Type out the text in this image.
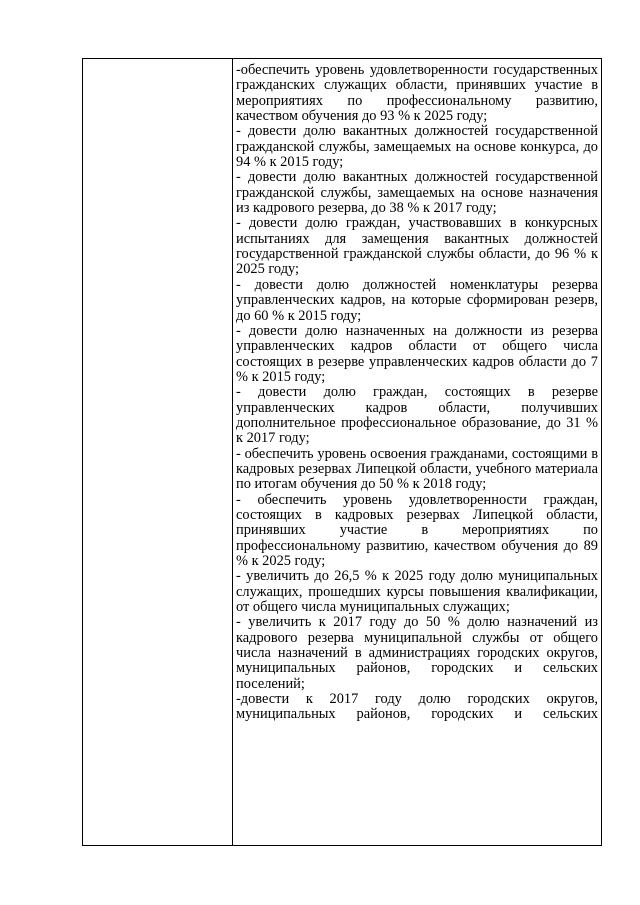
-обеспечить уровень удовлетворенности государственных гражданских служащих области, принявших участие в мероприятиях по профессиональному развитию, качеством обучения до 93 % к 2025 году;

- довести долю вакантных должностей государственной гражданской службы, замещаемых на основе конкурса, до 94 % к 2015 году;

- довести долю вакантных должностей государственной гражданской службы, замещаемых на основе назначения из кадрового резерва, до 38 % к 2017 году;

- довести долю граждан, участвовавших в конкурсных испытаниях для замещения вакантных должностей государственной гражданской службы области, до 96 % к 2025 году;

- довести долю должностей номенклатуры резерва управленческих кадров, на которые сформирован резерв, до 60 % к 2015 году;

- довести долю назначенных на должности из резерва управленческих кадров области от общего числа состоящих в резерве управленческих кадров области до 7 % к 2015 году;

- довести долю граждан, состоящих в резерве управленческих кадров области, получивших дополнительное профессиональное образование, до 31 % к 2017 году;

- обеспечить уровень освоения гражданами, состоящими в кадровых резервах Липецкой области, учебного материала по итогам обучения до 50 % к 2018 году;

- обеспечить уровень удовлетворенности граждан, состоящих в кадровых резервах Липецкой области, принявших участие в мероприятиях по профессиональному развитию, качеством обучения до 89 % к 2025 году;

- увеличить до 26,5 % к 2025 году долю муниципальных служащих, прошедших курсы повышения квалификации, от общего числа муниципальных служащих;

- увеличить к 2017 году до 50 % долю назначений из кадрового резерва муниципальной службы от общего числа назначений в администрациях городских округов, муниципальных районов, городских и сельских поселений;

-довести к 2017 году долю городских округов, муниципальных районов, городских и сельских
